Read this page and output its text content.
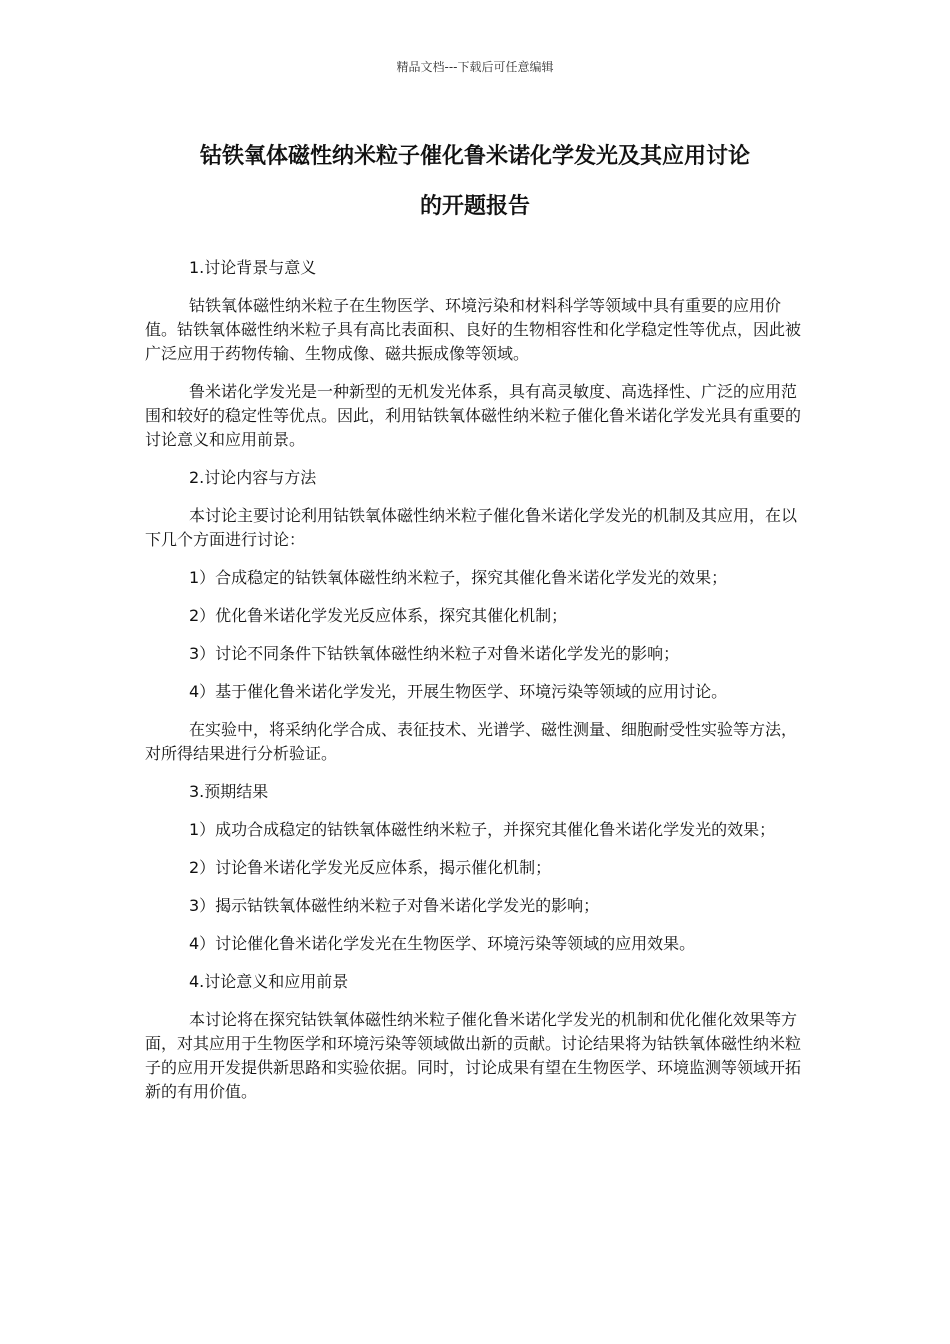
精品文档---下载后可任意编辑
钴铁氧体磁性纳米粒子催化鲁米诺化学发光及其应用讨论
的开题报告

1.讨论背景与意义

钴铁氧体磁性纳米粒子在生物医学、环境污染和材料科学等领域中具有重要的应用价值。钴铁氧体磁性纳米粒子具有高比表面积、良好的生物相容性和化学稳定性等优点，因此被广泛应用于药物传输、生物成像、磁共振成像等领域。

鲁米诺化学发光是一种新型的无机发光体系，具有高灵敏度、高选择性、广泛的应用范围和较好的稳定性等优点。因此，利用钴铁氧体磁性纳米粒子催化鲁米诺化学发光具有重要的讨论意义和应用前景。

2.讨论内容与方法

本讨论主要讨论利用钴铁氧体磁性纳米粒子催化鲁米诺化学发光的机制及其应用，在以下几个方面进行讨论：

1）合成稳定的钴铁氧体磁性纳米粒子，探究其催化鲁米诺化学发光的效果；

2）优化鲁米诺化学发光反应体系，探究其催化机制；

3）讨论不同条件下钴铁氧体磁性纳米粒子对鲁米诺化学发光的影响；

4）基于催化鲁米诺化学发光，开展生物医学、环境污染等领域的应用讨论。

在实验中，将采纳化学合成、表征技术、光谱学、磁性测量、细胞耐受性实验等方法，对所得结果进行分析验证。

3.预期结果

1）成功合成稳定的钴铁氧体磁性纳米粒子，并探究其催化鲁米诺化学发光的效果；

2）讨论鲁米诺化学发光反应体系，揭示催化机制；

3）揭示钴铁氧体磁性纳米粒子对鲁米诺化学发光的影响；

4）讨论催化鲁米诺化学发光在生物医学、环境污染等领域的应用效果。

4.讨论意义和应用前景

本讨论将在探究钴铁氧体磁性纳米粒子催化鲁米诺化学发光的机制和优化催化效果等方面，对其应用于生物医学和环境污染等领域做出新的贡献。讨论结果将为钴铁氧体磁性纳米粒子的应用开发提供新思路和实验依据。同时，讨论成果有望在生物医学、环境监测等领域开拓新的有用价值。
